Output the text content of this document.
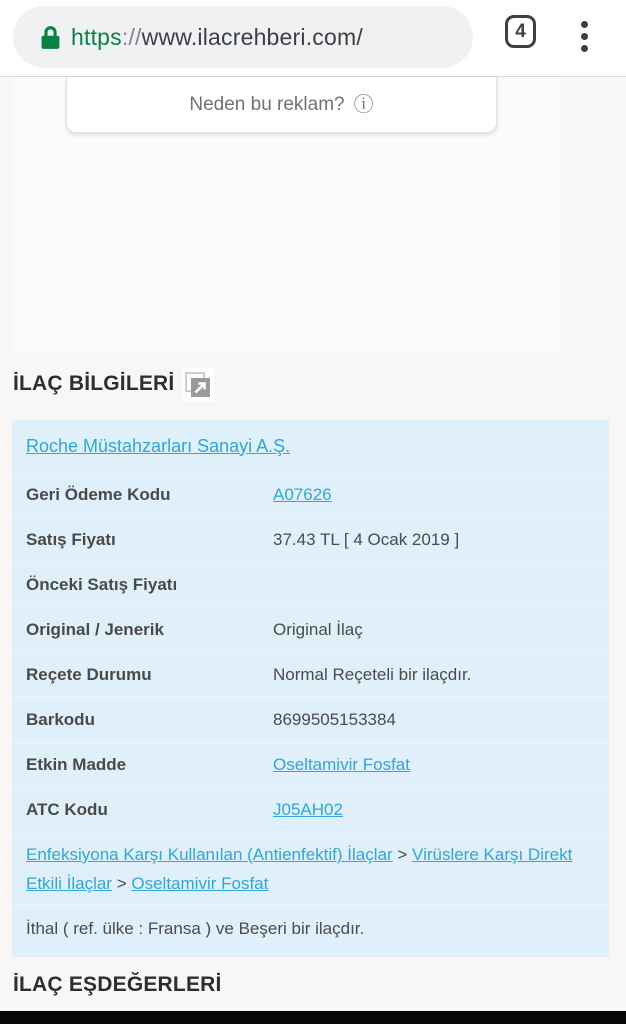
https://www.ilacrehberi.com/	4
Neden bu reklam? ⓘ
İLAÇ BİLGİLERİ
Roche Müstahzarları Sanayi A.Ş.
Geri Ödeme Kodu	A07626
Satış Fiyatı	37.43 TL [ 4 Ocak 2019 ]
Önceki Satış Fiyatı
Original / Jenerik	Original İlaç
Reçete Durumu	Normal Reçeteli bir ilaçdır.
Barkodu	8699505153384
Etkin Madde	Oseltamivir Fosfat
ATC Kodu	J05AH02
Enfeksiyona Karşı Kullanılan (Antienfektif) İlaçlar > Virüslere Karşı Direkt Etkili İlaçlar > Oseltamivir Fosfat
İthal ( ref. ülke : Fransa ) ve Beşeri bir ilaçdır.
İLAÇ EŞDEĞERLERİ
